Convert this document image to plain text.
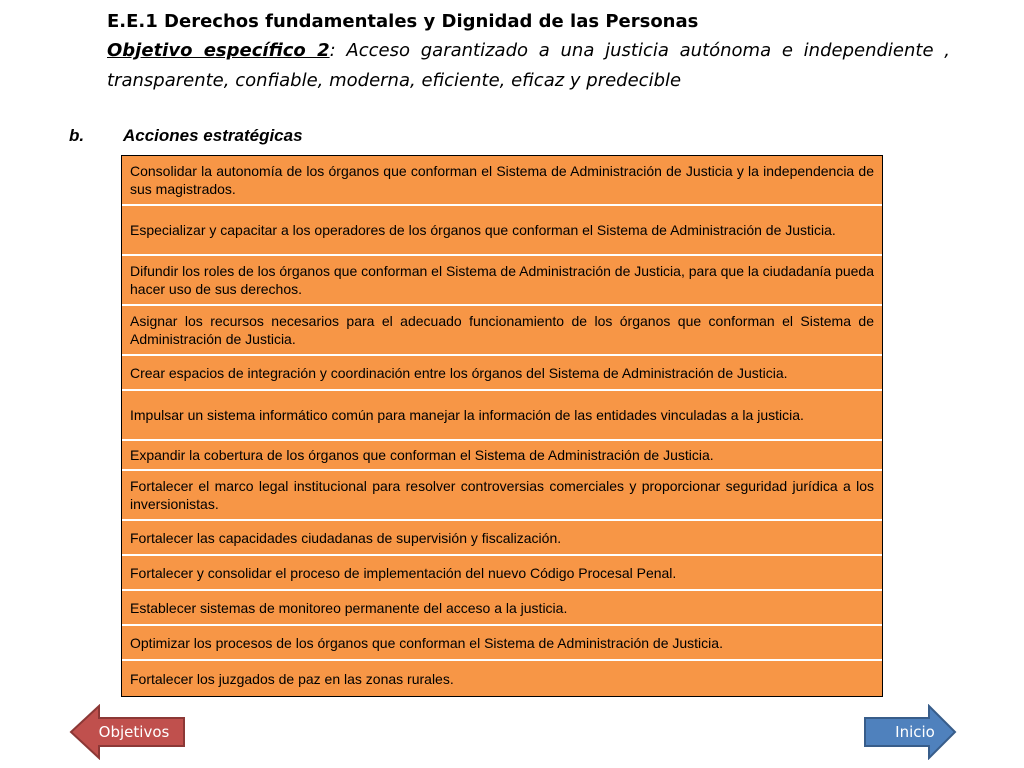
E.E.1 Derechos fundamentales y Dignidad de las Personas

Objetivo específico 2: Acceso garantizado a una justicia autónoma e independiente , transparente, confiable, moderna, eficiente, eficaz y predecible

b. Acciones estratégicas
Consolidar la autonomía de los órganos que conforman el Sistema de Administración de Justicia y la independencia de sus magistrados.
Especializar y capacitar a los operadores de los órganos que conforman el Sistema de Administración de Justicia.
Difundir los roles de los órganos que conforman el Sistema de Administración de Justicia, para que la ciudadanía pueda hacer uso de sus derechos.
Asignar los recursos necesarios para el adecuado funcionamiento de los órganos que conforman el Sistema de Administración de Justicia.
Crear espacios de integración y coordinación entre los órganos del Sistema de Administración de Justicia.
Impulsar un sistema informático común para manejar la información de las entidades vinculadas a la justicia.
Expandir la cobertura de los órganos que conforman el Sistema de Administración de Justicia.
Fortalecer el marco legal institucional para resolver controversias comerciales y proporcionar seguridad jurídica a los inversionistas.
Fortalecer las capacidades ciudadanas de supervisión y fiscalización.
Fortalecer y consolidar el proceso de implementación del nuevo Código Procesal Penal.
Establecer sistemas de monitoreo permanente del acceso a la justicia.
Optimizar los procesos de los órganos que conforman el Sistema de Administración de Justicia.
Fortalecer los juzgados de paz en las zonas rurales.
Objetivos	Inicio
